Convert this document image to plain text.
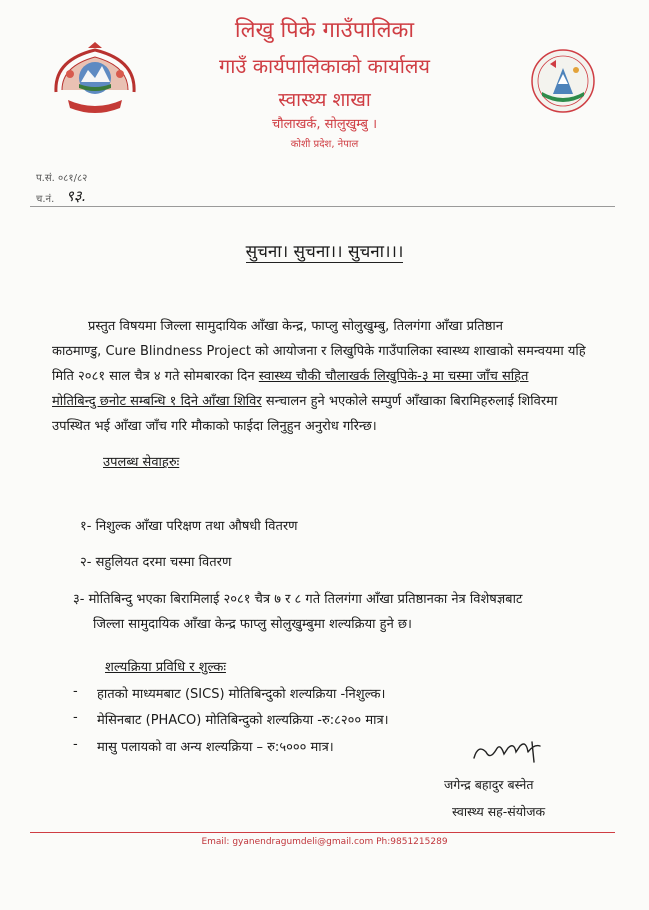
लिखु पिके गाउँपालिका
गाउँ कार्यपालिकाको कार्यालय
स्वास्थ्य शाखा
चौलाखर्क, सोलुखुम्बु ।
कोशी प्रदेश, नेपाल
प.सं. ०८१/८२
च.नं. ९३.
सुचना। सुचना।। सुचना।।।
प्रस्तुत विषयमा जिल्ला सामुदायिक आँखा केन्द्र, फाप्लु सोलुखुम्बु, तिलगंगा आँखा प्रतिष्ठान
काठमाण्डु, Cure Blindness Project को आयोजना र लिखुपिके गाउँपालिका स्वास्थ्य शाखाको समन्वयमा यहि
मिति २०८१ साल चैत्र ४ गते सोमबारका दिन स्वास्थ्य चौकी चौलाखर्क लिखुपिके-३ मा चस्मा जाँच सहित
मोतिबिन्दु छनोट सम्बन्धि १ दिने आँखा शिविर सन्चालन हुने भएकोले सम्पुर्ण आँखाका बिरामिहरुलाई शिविरमा
उपस्थित भई आँखा जाँच गरि मौकाको फाईदा लिनुहुन अनुरोध गरिन्छ।
उपलब्ध सेवाहरुः
१- निशुल्क आँखा परिक्षण तथा औषधी वितरण
२- सहुलियत दरमा चस्मा वितरण
३- मोतिबिन्दु भएका बिरामिलाई २०८१ चैत्र ७ र ८ गते तिलगंगा आँखा प्रतिष्ठानका नेत्र विशेषज्ञबाट
जिल्ला सामुदायिक आँखा केन्द्र फाप्लु सोलुखुम्बुमा शल्यक्रिया हुने छ।
शल्यक्रिया प्रविधि र शुल्कः
- हातको माध्यमबाट (SICS) मोतिबिन्दुको शल्यक्रिया -निशुल्क।
- मेसिनबाट (PHACO) मोतिबिन्दुको शल्यक्रिया -रु:८२०० मात्र।
- मासु पलायको वा अन्य शल्यक्रिया – रु:५००० मात्र।
जगेन्द्र बहादुर बस्नेत
स्वास्थ्य सह-संयोजक
Email: gyanendragumdeli@gmail.com Ph:9851215289
